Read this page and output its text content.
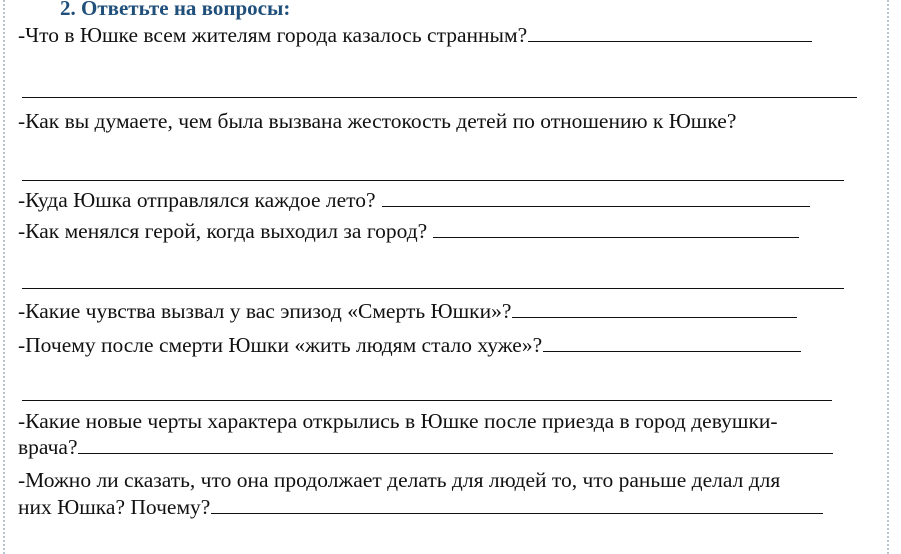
2. Ответьте на вопросы:
-Что в Юшке всем жителям города казалось странным?
-Как вы думаете, чем была вызвана жестокость детей по отношению к Юшке?
-Куда Юшка отправлялся каждое лето?
-Как менялся герой, когда выходил за город?
-Какие чувства вызвал у вас эпизод «Смерть Юшки»?
-Почему после смерти Юшки «жить людям стало хуже»?
-Какие новые черты характера открылись в Юшке после приезда в город девушки-
врача?
-Можно ли сказать, что она продолжает делать для людей то, что раньше делал для
них Юшка? Почему?
